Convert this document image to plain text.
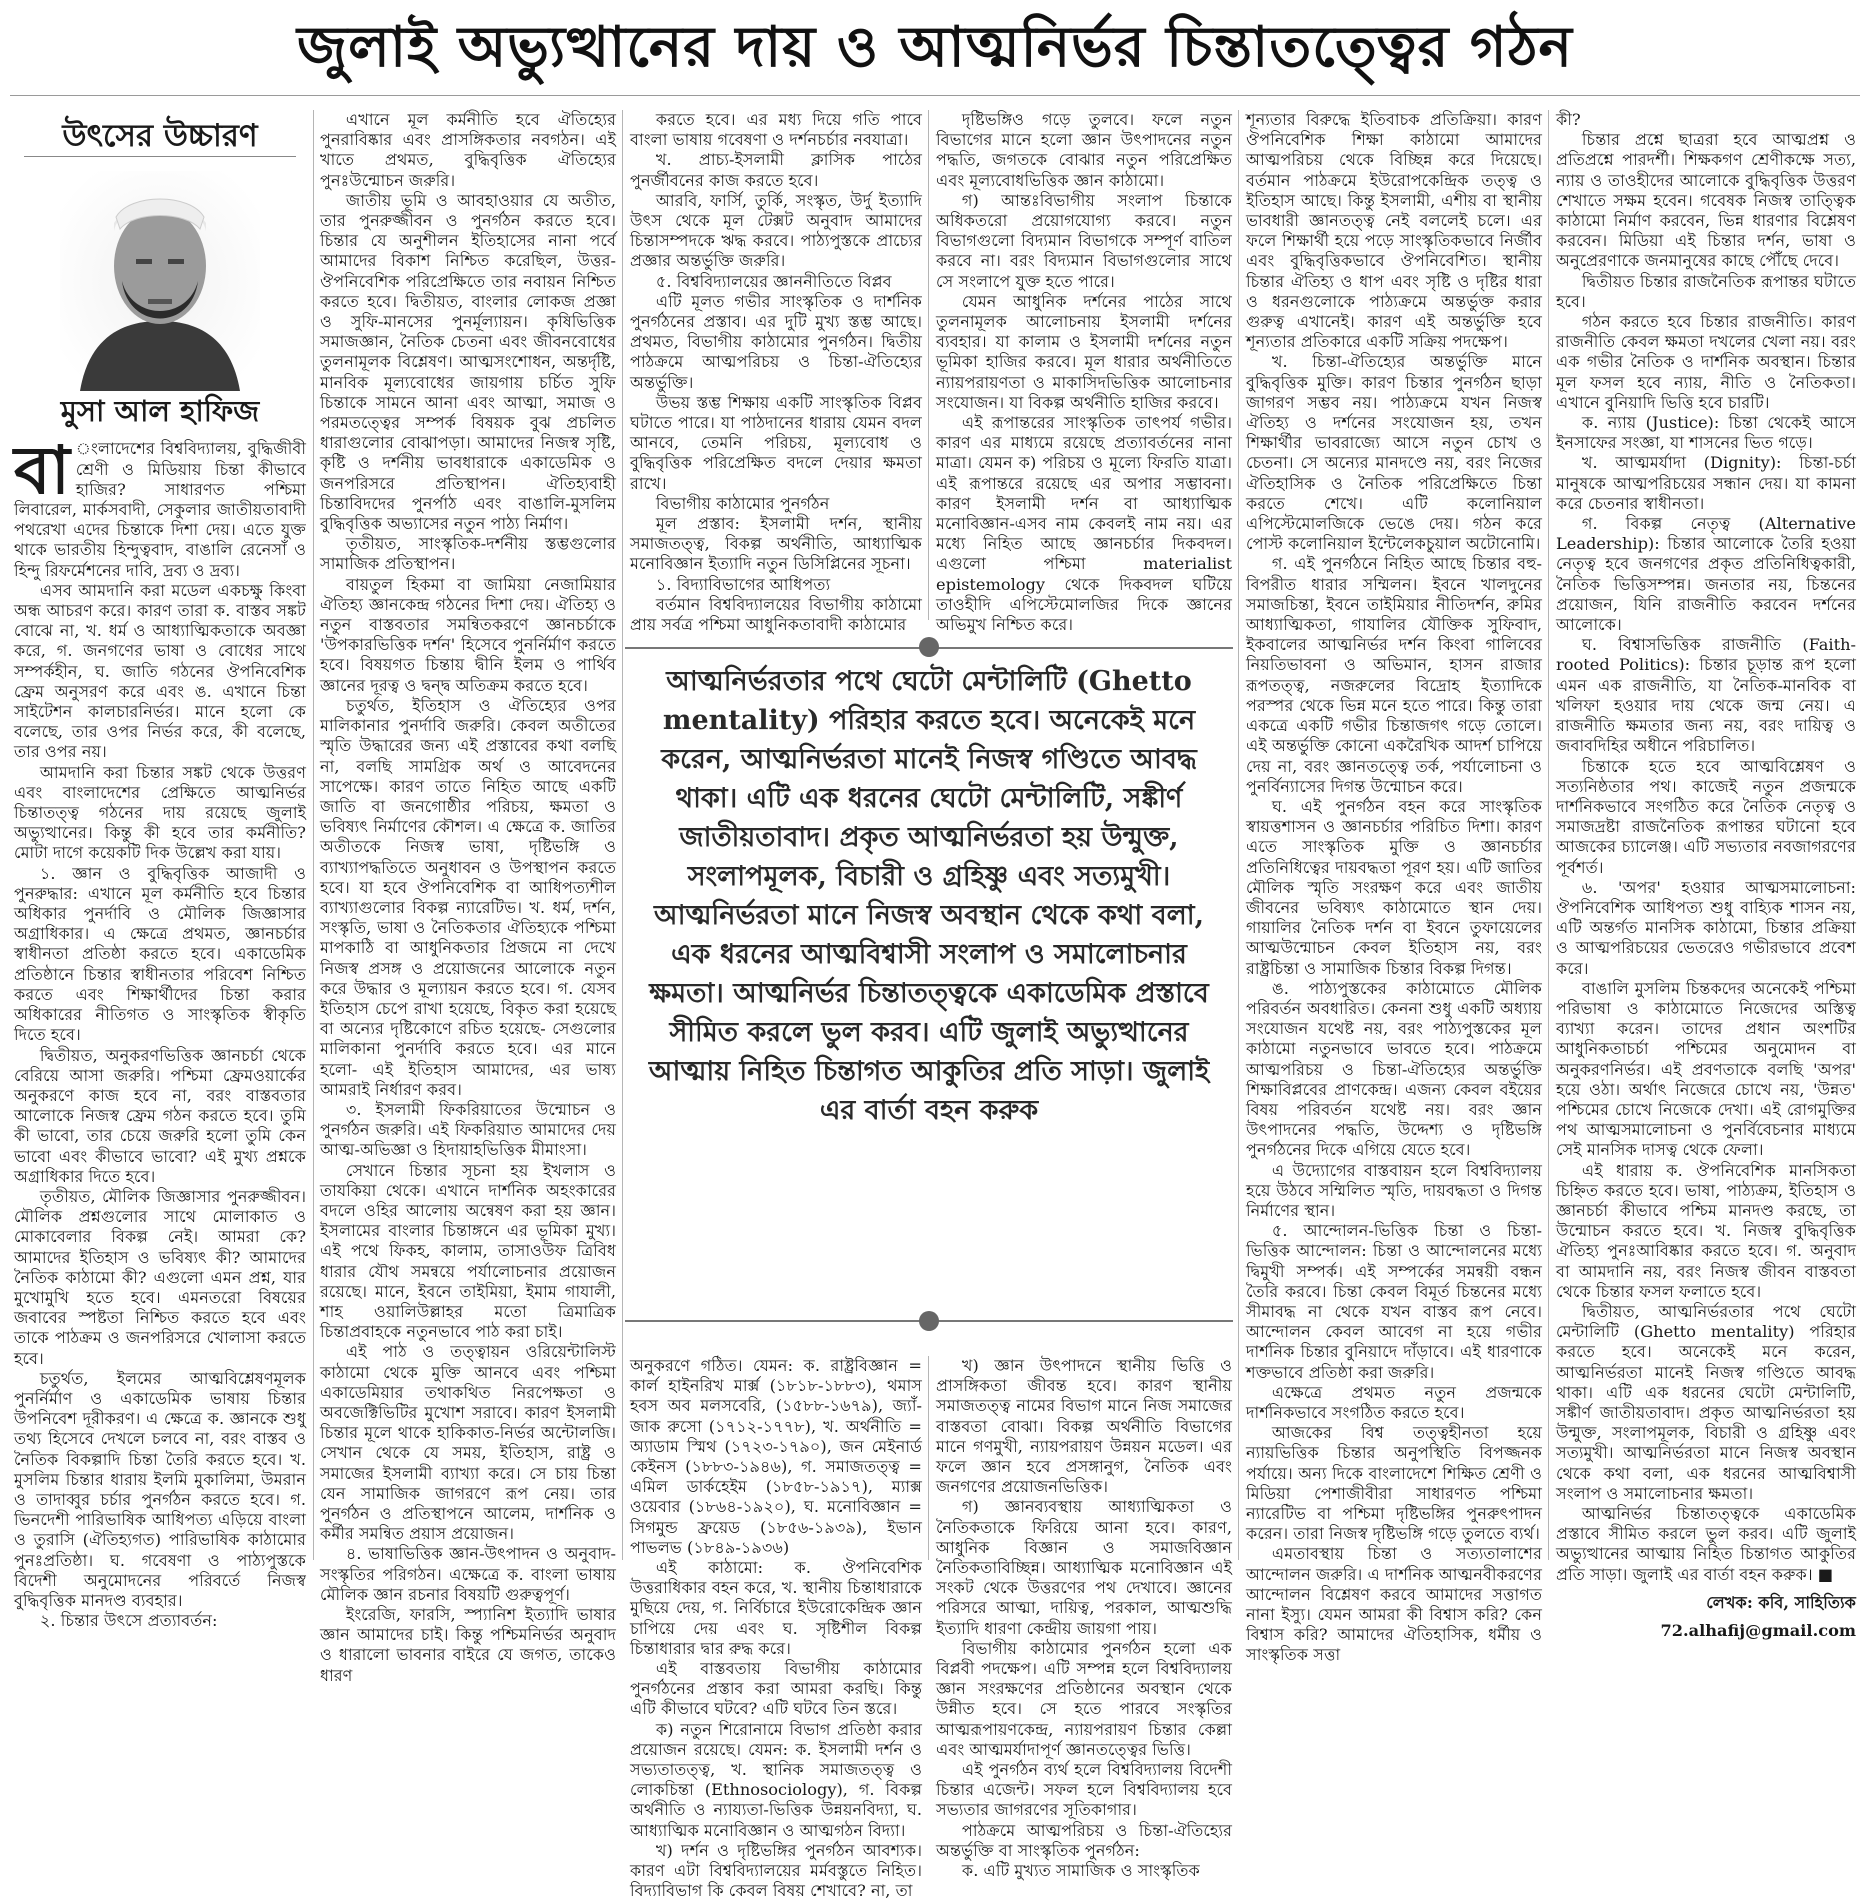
জুলাই অভ্যুত্থানের দায় ও আত্মনির্ভর চিন্তাতত্ত্বের গঠন
উৎসের উচ্চারণ
মুসা আল হাফিজ

বা ংলাদেশের বিশ্ববিদ্যালয়, বুদ্ধিজীবী শ্রেণী ও মিডিয়ায় চিন্তা কীভাবে হাজির? সাধারণত পশ্চিমা লিবারেল, মার্কসবাদী, সেকুলার জাতীয়তাবাদী পথরেখা এদের চিন্তাকে দিশা দেয়। এতে যুক্ত থাকে ভারতীয় হিন্দুত্ববাদ, বাঙালি রেনেসাঁ ও হিন্দু রিফর্মেশনের দাবি, দ্রব্য ও দ্রব্য।

এসব আমদানি করা মডেল একচক্ষু কিংবা অন্ধ আচরণ করে। কারণ তারা ক. বাস্তব সঙ্কট বোঝে না, খ. ধর্ম ও আধ্যাত্মিকতাকে অবজ্ঞা করে, গ. জনগণের ভাষা ও বোধের সাথে সম্পর্কহীন, ঘ. জাতি গঠনের ঔপনিবেশিক ফ্রেম অনুসরণ করে এবং ঙ. এখানে চিন্তা সাইটেশন কালচারনির্ভর। মানে হলো কে বলেছে, তার ওপর নির্ভর করে, কী বলেছে, তার ওপর নয়।

আমদানি করা চিন্তার সঙ্কট থেকে উত্তরণ এবং বাংলাদেশের প্রেক্ষিতে আত্মনির্ভর চিন্তাতত্ত্ব গঠনের দায় রয়েছে জুলাই অভ্যুত্থানের। কিন্তু কী হবে তার কর্মনীতি? মোটা দাগে কয়েকটি দিক উল্লেখ করা যায়।

১. জ্ঞান ও বুদ্ধিবৃত্তিক আজাদী ও পুনরুদ্ধার: এখানে মূল কর্মনীতি হবে চিন্তার অধিকার পুনর্দাবি ও মৌলিক জিজ্ঞাসার অগ্রাধিকার। এ ক্ষেত্রে প্রথমত, জ্ঞানচর্চার স্বাধীনতা প্রতিষ্ঠা করতে হবে। একাডেমিক প্রতিষ্ঠানে চিন্তার স্বাধীনতার পরিবেশ নিশ্চিত করতে এবং শিক্ষার্থীদের চিন্তা করার অধিকারের নীতিগত ও সাংস্কৃতিক স্বীকৃতি দিতে হবে।

দ্বিতীয়ত, অনুকরণভিত্তিক জ্ঞানচর্চা থেকে বেরিয়ে আসা জরুরি। পশ্চিমা ফ্রেমওয়ার্কের অনুকরণে কাজ হবে না, বরং বাস্তবতার আলোকে নিজস্ব ফ্রেম গঠন করতে হবে। তুমি কী ভাবো, তার চেয়ে জরুরি হলো তুমি কেন ভাবো এবং কীভাবে ভাবো? এই মুখ্য প্রশ্নকে অগ্রাধিকার দিতে হবে।

তৃতীয়ত, মৌলিক জিজ্ঞাসার পুনরুজ্জীবন। মৌলিক প্রশ্নগুলোর সাথে মোলাকাত ও মোকাবেলার বিকল্প নেই। আমরা কে? আমাদের ইতিহাস ও ভবিষ্যৎ কী? আমাদের নৈতিক কাঠামো কী? এগুলো এমন প্রশ্ন, যার মুখোমুখি হতে হবে। এমনতরো বিষয়ের জবাবের স্পষ্টতা নিশ্চিত করতে হবে এবং তাকে পাঠক্রম ও জনপরিসরে খোলাসা করতে হবে।

চতুর্থত, ইলমের আত্মবিশ্লেষণমূলক পুনর্নির্মাণ ও একাডেমিক ভাষায় চিন্তার উপনিবেশ দূরীকরণ। এ ক্ষেত্রে ক. জ্ঞানকে শুধু তথ্য হিসেবে দেখলে চলবে না, বরং বাস্তব ও নৈতিক বিকল্পাদি চিন্তা তৈরি করতে হবে। খ. মুসলিম চিন্তার ধারায় ইলমি মুকালিমা, উমরান ও তাদাব্বুর চর্চার পুনর্গঠন করতে হবে। গ. ভিনদেশী পারিভাষিক আধিপত্য এড়িয়ে বাংলা ও তুরাসি (ঐতিহ্যগত) পারিভাষিক কাঠামোর পুনঃপ্রতিষ্ঠা। ঘ. গবেষণা ও পাঠ্যপুস্তকে বিদেশী অনুমোদনের পরিবর্তে নিজস্ব বুদ্ধিবৃত্তিক মানদণ্ড ব্যবহার।

২. চিন্তার উৎসে প্রত্যাবর্তন:

এখানে মূল কর্মনীতি হবে ঐতিহ্যের পুনরাবিষ্কার এবং প্রাসঙ্গিকতার নবগঠন। এই খাতে প্রথমত, বুদ্ধিবৃত্তিক ঐতিহ্যের পুনঃউন্মোচন জরুরি।

জাতীয় ভূমি ও আবহাওয়ার যে অতীত, তার পুনরুজ্জীবন ও পুনর্গঠন করতে হবে। চিন্তার যে অনুশীলন ইতিহাসের নানা পর্বে আমাদের বিকাশ নিশ্চিত করেছিল, উত্তর-ঔপনিবেশিক পরিপ্রেক্ষিতে তার নবায়ন নিশ্চিত করতে হবে। দ্বিতীয়ত, বাংলার লোকজ প্রজ্ঞা ও সুফি-মানসের পুনর্মূল্যায়ন। কৃষিভিত্তিক সমাজজ্ঞান, নৈতিক চেতনা এবং জীবনবোধের তুলনামূলক বিশ্লেষণ। আত্মসংশোধন, অন্তর্দৃষ্টি, মানবিক মূল্যবোধের জায়গায় চর্চিত সুফি চিন্তাকে সামনে আনা এবং আত্মা, সমাজ ও পরমতত্ত্বের সম্পর্ক বিষয়ক বুঝ প্রচলিত ধারাগুলোর বোঝাপড়া। আমাদের নিজস্ব সৃষ্টি, কৃষ্টি ও দর্শনীয় ভাবধারাকে একাডেমিক ও জনপরিসরে প্রতিস্থাপন। ঐতিহ্যবাহী চিন্তাবিদদের পুনর্পাঠ এবং বাঙালি-মুসলিম বুদ্ধিবৃত্তিক অভ্যাসের নতুন পাঠ্য নির্মাণ।

তৃতীয়ত, সাংস্কৃতিক-দর্শনীয় স্তম্ভগুলোর সামাজিক প্রতিস্থাপন।

বায়তুল হিকমা বা জামিয়া নেজামিয়ার ঐতিহ্য জ্ঞানকেন্দ্র গঠনের দিশা দেয়। ঐতিহ্য ও নতুন বাস্তবতার সমন্বিতকরণে জ্ঞানচর্চাকে 'উপকারভিত্তিক দর্শন' হিসেবে পুনর্নির্মাণ করতে হবে। বিষয়গত চিন্তায় দ্বীনি ইলম ও পার্থিব জ্ঞানের দূরত্ব ও দ্বন্দ্ব অতিক্রম করতে হবে।

চতুর্থত, ইতিহাস ও ঐতিহ্যের ওপর মালিকানার পুনর্দাবি জরুরি। কেবল অতীতের স্মৃতি উদ্ধারের জন্য এই প্রস্তাবের কথা বলছি না, বলছি সামগ্রিক অর্থ ও আবেদনের সাপেক্ষে। কারণ তাতে নিহিত আছে একটি জাতি বা জনগোষ্ঠীর পরিচয়, ক্ষমতা ও ভবিষ্যৎ নির্মাণের কৌশল। এ ক্ষেত্রে ক. জাতির অতীতকে নিজস্ব ভাষা, দৃষ্টিভঙ্গি ও ব্যাখ্যাপদ্ধতিতে অনুধাবন ও উপস্থাপন করতে হবে। যা হবে ঔপনিবেশিক বা আধিপত্যশীল ব্যাখ্যাগুলোর বিকল্প ন্যারেটিভ। খ. ধর্ম, দর্শন, সংস্কৃতি, ভাষা ও নৈতিকতার ঐতিহ্যকে পশ্চিমা মাপকাঠি বা আধুনিকতার প্রিজমে না দেখে নিজস্ব প্রসঙ্গ ও প্রয়োজনের আলোকে নতুন করে উদ্ধার ও মূল্যায়ন করতে হবে। গ. যেসব ইতিহাস চেপে রাখা হয়েছে, বিকৃত করা হয়েছে বা অন্যের দৃষ্টিকোণে রচিত হয়েছে- সেগুলোর মালিকানা পুনর্দাবি করতে হবে। এর মানে হলো- এই ইতিহাস আমাদের, এর ভাষ্য আমরাই নির্ধারণ করব।

৩. ইসলামী ফিকরিয়াতের উন্মোচন ও পুনর্গঠন জরুরি। এই ফিকরিয়াত আমাদের দেয় আত্ম-অভিজ্ঞা ও হিদায়াহভিত্তিক মীমাংসা।

সেখানে চিন্তার সূচনা হয় ইখলাস ও তাযকিয়া থেকে। এখানে দার্শনিক অহংকারের বদলে ওহির আলোয় অন্বেষণ করা হয় জ্ঞান। ইসলামের বাংলার চিন্তাঙ্গনে এর ভূমিকা মুখ্য। এই পথে ফিকহ, কালাম, তাসাওউফ ত্রিবিধ ধারার যৌথ সমন্বয়ে পর্যালোচনার প্রয়োজন রয়েছে। মানে, ইবনে তাইমিয়া, ইমাম গাযালী, শাহ ওয়ালিউল্লাহর মতো ত্রিমাত্রিক চিন্তাপ্রবাহকে নতুনভাবে পাঠ করা চাই।

এই পাঠ ও তত্ত্বায়ন ওরিয়েন্টালিস্ট কাঠামো থেকে মুক্তি আনবে এবং পশ্চিমা একাডেমিয়ার তথাকথিত নিরপেক্ষতা ও অবজেক্টিভিটির মুখোশ সরাবে। কারণ ইসলামী চিন্তার মূলে থাকে হাকিকাত-নির্ভর অন্টোলজি। সেখান থেকে যে সময়, ইতিহাস, রাষ্ট্র ও সমাজের ইসলামী ব্যাখ্যা করে। সে চায় চিন্তা যেন সামাজিক জাগরণে রূপ নেয়। তার পুনর্গঠন ও প্রতিস্থাপনে আলেম, দার্শনিক ও কর্মীর সমন্বিত প্রয়াস প্রয়োজন।

৪. ভাষাভিত্তিক জ্ঞান-উৎপাদন ও অনুবাদ-সংস্কৃতির পরিগঠন। এক্ষেত্রে ক. বাংলা ভাষায় মৌলিক জ্ঞান রচনার বিষয়টি গুরুত্বপূর্ণ।

ইংরেজি, ফারসি, স্প্যানিশ ইত্যাদি ভাষার জ্ঞান আমাদের চাই। কিন্তু পশ্চিমনির্ভর অনুবাদ ও ধারালো ভাবনার বাইরে যে জগত, তাকেও ধারণ

করতে হবে। এর মধ্য দিয়ে গতি পাবে বাংলা ভাষায় গবেষণা ও দর্শনচর্চার নবযাত্রা।

খ. প্রাচ্য-ইসলামী ক্লাসিক পাঠের পুনর্জীবনের কাজ করতে হবে।

আরবি, ফার্সি, তুর্কি, সংস্কৃত, উর্দু ইত্যাদি উৎস থেকে মূল টেক্সট অনুবাদ আমাদের চিন্তাসম্পদকে ঋদ্ধ করবে। পাঠ্যপুস্তকে প্রাচ্যের প্রজ্ঞার অন্তর্ভুক্তি জরুরি।

৫. বিশ্ববিদ্যালয়ের জ্ঞাননীতিতে বিপ্লব

এটি মূলত গভীর সাংস্কৃতিক ও দার্শনিক পুনর্গঠনের প্রস্তাব। এর দুটি মুখ্য স্তম্ভ আছে। প্রথমত, বিভাগীয় কাঠামোর পুনর্গঠন। দ্বিতীয় পাঠক্রমে আত্মপরিচয় ও চিন্তা-ঐতিহ্যের অন্তর্ভুক্তি।

উভয় স্তম্ভ শিক্ষায় একটি সাংস্কৃতিক বিপ্লব ঘটাতে পারে। যা পাঠদানের ধারায় যেমন বদল আনবে, তেমনি পরিচয়, মূল্যবোধ ও বুদ্ধিবৃত্তিক পরিপ্রেক্ষিত বদলে দেয়ার ক্ষমতা রাখে।

বিভাগীয় কাঠামোর পুনর্গঠন

মূল প্রস্তাব: ইসলামী দর্শন, স্থানীয় সমাজতত্ত্ব, বিকল্প অর্থনীতি, আধ্যাত্মিক মনোবিজ্ঞান ইত্যাদি নতুন ডিসিপ্লিনের সূচনা।

১. বিদ্যাবিভাগের আধিপত্য

বর্তমান বিশ্ববিদ্যালয়ের বিভাগীয় কাঠামো প্রায় সর্বত্র পশ্চিমা আধুনিকতাবাদী কাঠামোর

দৃষ্টিভঙ্গিও গড়ে তুলবে। ফলে নতুন বিভাগের মানে হলো জ্ঞান উৎপাদনের নতুন পদ্ধতি, জগতকে বোঝার নতুন পরিপ্রেক্ষিত এবং মূল্যবোধভিত্তিক জ্ঞান কাঠামো।

গ) আন্তঃবিভাগীয় সংলাপ চিন্তাকে অধিকতরো প্রয়োগযোগ্য করবে। নতুন বিভাগগুলো বিদ্যমান বিভাগকে সম্পূর্ণ বাতিল করবে না। বরং বিদ্যমান বিভাগগুলোর সাথে সে সংলাপে যুক্ত হতে পারে।

যেমন আধুনিক দর্শনের পাঠের সাথে তুলনামূলক আলোচনায় ইসলামী দর্শনের ব্যবহার। যা কালাম ও ইসলামী দর্শনের নতুন ভূমিকা হাজির করবে। মূল ধারার অর্থনীতিতে ন্যায়পরায়ণতা ও মাকাসিদভিত্তিক আলোচনার সংযোজন। যা বিকল্প অর্থনীতি হাজির করবে।

এই রূপান্তরের সাংস্কৃতিক তাৎপর্য গভীর। কারণ এর মাধ্যমে রয়েছে প্রত্যাবর্তনের নানা মাত্রা। যেমন ক) পরিচয় ও মূল্যে ফিরতি যাত্রা। এই রূপান্তরে রয়েছে এর অপার সম্ভাবনা। কারণ ইসলামী দর্শন বা আধ্যাত্মিক মনোবিজ্ঞান-এসব নাম কেবলই নাম নয়। এর মধ্যে নিহিত আছে জ্ঞানচর্চার দিকবদল। এগুলো পশ্চিমা materialist epistemology থেকে দিকবদল ঘটিয়ে তাওহীদি এপিস্টেমোলজির দিকে জ্ঞানের অভিমুখ নিশ্চিত করে।

আত্মনির্ভরতার পথে ঘেটো মেন্টালিটি (Ghetto mentality) পরিহার করতে হবে। অনেকেই মনে করেন, আত্মনির্ভরতা মানেই নিজস্ব গণ্ডিতে আবদ্ধ থাকা। এটি এক ধরনের ঘেটো মেন্টালিটি, সঙ্কীর্ণ জাতীয়তাবাদ। প্রকৃত আত্মনির্ভরতা হয় উন্মুক্ত, সংলাপমূলক, বিচারী ও গ্রহিষ্ণু এবং সত্যমুখী। আত্মনির্ভরতা মানে নিজস্ব অবস্থান থেকে কথা বলা, এক ধরনের আত্মবিশ্বাসী সংলাপ ও সমালোচনার ক্ষমতা। আত্মনির্ভর চিন্তাতত্ত্বকে একাডেমিক প্রস্তাবে সীমিত করলে ভুল করব। এটি জুলাই অভ্যুত্থানের আত্মায় নিহিত চিন্তাগত আকুতির প্রতি সাড়া। জুলাই এর বার্তা বহন করুক

অনুকরণে গঠিত। যেমন: ক. রাষ্ট্রবিজ্ঞান = কার্ল হাইনরিখ মার্ক্স (১৮১৮-১৮৮৩), থমাস হবস অব মলসবেরি, (১৫৮৮-১৬৭৯), জ্যাঁ-জাক রুসো (১৭১২-১৭৭৮), খ. অর্থনীতি = অ্যাডাম স্মিথ (১৭২৩-১৭৯০), জন মেইনার্ড কেইনস (১৮৮৩-১৯৪৬), গ. সমাজতত্ত্ব = এমিল ডার্কহেইম (১৮৫৮-১৯১৭), ম্যাক্স ওয়েবার (১৮৬৪-১৯২০), ঘ. মনোবিজ্ঞান = সিগমুন্ড ফ্রয়েড (১৮৫৬-১৯৩৯), ইভান পাভলভ (১৮৪৯-১৯৩৬)

এই কাঠামো: ক. ঔপনিবেশিক উত্তরাধিকার বহন করে, খ. স্থানীয় চিন্তাধারাকে মুছিয়ে দেয়, গ. নির্বিচারে ইউরোকেন্দ্রিক জ্ঞান চাপিয়ে দেয় এবং ঘ. সৃষ্টিশীল বিকল্প চিন্তাধারার দ্বার রুদ্ধ করে।

এই বাস্তবতায় বিভাগীয় কাঠামোর পুনর্গঠনের প্রস্তাব করা আমরা করছি। কিন্তু এটি কীভাবে ঘটবে? এটি ঘটবে তিন স্তরে।

ক) নতুন শিরোনামে বিভাগ প্রতিষ্ঠা করার প্রয়োজন রয়েছে। যেমন: ক. ইসলামী দর্শন ও সভ্যতাতত্ত্ব, খ. স্থানিক সমাজতত্ত্ব ও লোকচিন্তা (Ethnosociology), গ. বিকল্প অর্থনীতি ও ন্যায্যতা-ভিত্তিক উন্নয়নবিদ্যা, ঘ. আধ্যাত্মিক মনোবিজ্ঞান ও আত্মগঠন বিদ্যা।

খ) দর্শন ও দৃষ্টিভঙ্গির পুনর্গঠন আবশ্যক। কারণ এটা বিশ্ববিদ্যালয়ের মর্মবস্তুতে নিহিত। বিদ্যাবিভাগ কি কেবল বিষয় শেখাবে? না, তা

খ) জ্ঞান উৎপাদনে স্থানীয় ভিত্তি ও প্রাসঙ্গিকতা জীবন্ত হবে। কারণ স্থানীয় সমাজতত্ত্ব নামের বিভাগ মানে নিজ সমাজের বাস্তবতা বোঝা। বিকল্প অর্থনীতি বিভাগের মানে গণমুখী, ন্যায়পরায়ণ উন্নয়ন মডেল। এর ফলে জ্ঞান হবে প্রসঙ্গানুগ, নৈতিক এবং জনগণের প্রয়োজনভিত্তিক।

গ) জ্ঞানব্যবস্থায় আধ্যাত্মিকতা ও নৈতিকতাকে ফিরিয়ে আনা হবে। কারণ, আধুনিক বিজ্ঞান ও সমাজবিজ্ঞান নৈতিকতাবিচ্ছিন্ন। আধ্যাত্মিক মনোবিজ্ঞান এই সংকট থেকে উত্তরণের পথ দেখাবে। জ্ঞানের পরিসরে আত্মা, দায়িত্ব, পরকাল, আত্মশুদ্ধি ইত্যাদি ধারণা কেন্দ্রীয় জায়গা পায়।

বিভাগীয় কাঠামোর পুনর্গঠন হলো এক বিপ্লবী পদক্ষেপ। এটি সম্পন্ন হলে বিশ্ববিদ্যালয় জ্ঞান সংরক্ষণের প্রতিষ্ঠানের অবস্থান থেকে উন্নীত হবে। সে হতে পারবে সংস্কৃতির আত্মরূপায়ণকেন্দ্র, ন্যায়পরায়ণ চিন্তার কেল্লা এবং আত্মমর্যাদাপূর্ণ জ্ঞানতত্ত্বের ভিত্তি।

এই পুনর্গঠন ব্যর্থ হলে বিশ্ববিদ্যালয় বিদেশী চিন্তার এজেন্ট। সফল হলে বিশ্ববিদ্যালয় হবে সভ্যতার জাগরণের সূতিকাগার।

পাঠক্রমে আত্মপরিচয় ও চিন্তা-ঐতিহ্যের অন্তর্ভুক্তি বা সাংস্কৃতিক পুনর্গঠন:

ক. এটি মুখ্যত সামাজিক ও সাংস্কৃতিক

শূন্যতার বিরুদ্ধে ইতিবাচক প্রতিক্রিয়া। কারণ ঔপনিবেশিক শিক্ষা কাঠামো আমাদের আত্মপরিচয় থেকে বিচ্ছিন্ন করে দিয়েছে। বর্তমান পাঠক্রমে ইউরোপকেন্দ্রিক তত্ত্ব ও ইতিহাস আছে। কিন্তু ইসলামী, এশীয় বা স্থানীয় ভাবধারী জ্ঞানতত্ত্ব নেই বললেই চলে। এর ফলে শিক্ষার্থী হয়ে পড়ে সাংস্কৃতিকভাবে নির্জীব এবং বুদ্ধিবৃত্তিকভাবে ঔপনিবেশিত। স্থানীয় চিন্তার ঐতিহ্য ও ধাপ এবং সৃষ্টি ও দৃষ্টির ধারা ও ধরনগুলোকে পাঠ্যক্রমে অন্তর্ভুক্ত করার গুরুত্ব এখানেই। কারণ এই অন্তর্ভুক্তি হবে শূন্যতার প্রতিকারে একটি সক্রিয় পদক্ষেপ।

খ. চিন্তা-ঐতিহ্যের অন্তর্ভুক্তি মানে বুদ্ধিবৃত্তিক মুক্তি। কারণ চিন্তার পুনর্গঠন ছাড়া জাগরণ সম্ভব নয়। পাঠ্যক্রমে যখন নিজস্ব ঐতিহ্য ও দর্শনের সংযোজন হয়, তখন শিক্ষার্থীর ভাবরাজ্যে আসে নতুন চোখ ও চেতনা। সে অন্যের মানদণ্ডে নয়, বরং নিজের ঐতিহাসিক ও নৈতিক পরিপ্রেক্ষিতে চিন্তা করতে শেখে। এটি কলোনিয়াল এপিস্টেমোলজিকে ভেঙে দেয়। গঠন করে পোস্ট কলোনিয়াল ইন্টেলেকচুয়াল অটোনোমি।

গ. এই পুনর্গঠনে নিহিত আছে চিন্তার বহু-বিপরীত ধারার সম্মিলন। ইবনে খালদুনের সমাজচিন্তা, ইবনে তাইমিয়ার নীতিদর্শন, রুমির আধ্যাত্মিকতা, গাযালির যৌক্তিক সুফিবাদ, ইকবালের আত্মনির্ভর দর্শন কিংবা গালিবের নিয়তিভাবনা ও অভিমান, হাসন রাজার রূপতত্ত্ব, নজরুলের বিদ্রোহ ইত্যাদিকে পরস্পর থেকে ভিন্ন মনে হতে পারে। কিন্তু তারা একত্রে একটি গভীর চিন্তাজগৎ গড়ে তোলে। এই অন্তর্ভুক্তি কোনো একরৈখিক আদর্শ চাপিয়ে দেয় না, বরং জ্ঞানতত্ত্বে তর্ক, পর্যালোচনা ও পুনর্বিন্যাসের দিগন্ত উন্মোচন করে।

ঘ. এই পুনর্গঠন বহন করে সাংস্কৃতিক স্বায়ত্তশাসন ও জ্ঞানচর্চার পরিচিত দিশা। কারণ এতে সাংস্কৃতিক মুক্তি ও জ্ঞানচর্চার প্রতিনিধিত্বের দায়বদ্ধতা পূরণ হয়। এটি জাতির মৌলিক স্মৃতি সংরক্ষণ করে এবং জাতীয় জীবনের ভবিষ্যৎ কাঠামোতে স্থান দেয়। গায়ালির নৈতিক দর্শন বা ইবনে তুফায়েলের আত্মউন্মোচন কেবল ইতিহাস নয়, বরং রাষ্ট্রচিন্তা ও সামাজিক চিন্তার বিকল্প দিগন্ত।

ঙ. পাঠ্যপুস্তকের কাঠামোতে মৌলিক পরিবর্তন অবধারিত। কেননা শুধু একটি অধ্যায় সংযোজন যথেষ্ট নয়, বরং পাঠ্যপুস্তকের মূল কাঠামো নতুনভাবে ভাবতে হবে। পাঠক্রমে আত্মপরিচয় ও চিন্তা-ঐতিহ্যের অন্তর্ভুক্তি শিক্ষাবিপ্লবের প্রাণকেন্দ্র। এজন্য কেবল বইয়ের বিষয় পরিবর্তন যথেষ্ট নয়। বরং জ্ঞান উৎপাদনের পদ্ধতি, উদ্দেশ্য ও দৃষ্টিভঙ্গি পুনর্গঠনের দিকে এগিয়ে যেতে হবে।

এ উদ্যোগের বাস্তবায়ন হলে বিশ্ববিদ্যালয় হয়ে উঠবে সম্মিলিত স্মৃতি, দায়বদ্ধতা ও দিগন্ত নির্মাণের স্থান।

৫. আন্দোলন-ভিত্তিক চিন্তা ও চিন্তা-ভিত্তিক আন্দোলন: চিন্তা ও আন্দোলনের মধ্যে দ্বিমুখী সম্পর্ক। এই সম্পর্কের সমন্বয়ী বন্ধন তৈরি করবে। চিন্তা কেবল বিমূর্ত চিন্তনের মধ্যে সীমাবদ্ধ না থেকে যখন বাস্তব রূপ নেবে। আন্দোলন কেবল আবেগ না হয়ে গভীর দার্শনিক চিন্তার বুনিয়াদে দাঁড়াবে। এই ধারণাকে শক্তভাবে প্রতিষ্ঠা করা জরুরি।

এক্ষেত্রে প্রথমত নতুন প্রজন্মকে দার্শনিকভাবে সংগঠিত করতে হবে।

আজকের বিশ্ব তত্ত্বহীনতা হয়ে ন্যায়ভিত্তিক চিন্তার অনুপস্থিতি বিপজ্জনক পর্যায়ে। অন্য দিকে বাংলাদেশে শিক্ষিত শ্রেণী ও মিডিয়া পেশাজীবীরা সাধারণত পশ্চিমা ন্যারেটিভ বা পশ্চিমা দৃষ্টিভঙ্গির পুনরুৎপাদন করেন। তারা নিজস্ব দৃষ্টিভঙ্গি গড়ে তুলতে ব্যর্থ।

এমতাবস্থায় চিন্তা ও সত্যতালাশের আন্দোলন জরুরি। এ দার্শনিক আত্মনবীকরণের আন্দোলন বিশ্লেষণ করবে আমাদের সত্তাগত নানা ইস্যু। যেমন আমরা কী বিশ্বাস করি? কেন বিশ্বাস করি? আমাদের ঐতিহাসিক, ধর্মীয় ও সাংস্কৃতিক সত্তা

কী?

চিন্তার প্রশ্নে ছাত্ররা হবে আত্মপ্রশ্ন ও প্রতিপ্রশ্নে পারদর্শী। শিক্ষকগণ শ্রেণীকক্ষে সত্য, ন্যায় ও তাওহীদের আলোকে বুদ্ধিবৃত্তিক উত্তরণ শেখাতে সক্ষম হবেন। গবেষক নিজস্ব তাত্ত্বিক কাঠামো নির্মাণ করবেন, ভিন্ন ধারণার বিশ্লেষণ করবেন। মিডিয়া এই চিন্তার দর্শন, ভাষা ও অনুপ্রেরণাকে জনমানুষের কাছে পৌঁছে দেবে।

দ্বিতীয়ত চিন্তার রাজনৈতিক রূপান্তর ঘটাতে হবে।

গঠন করতে হবে চিন্তার রাজনীতি। কারণ রাজনীতি কেবল ক্ষমতা দখলের খেলা নয়। বরং এক গভীর নৈতিক ও দার্শনিক অবস্থান। চিন্তার মূল ফসল হবে ন্যায়, নীতি ও নৈতিকতা। এখানে বুনিয়াদি ভিত্তি হবে চারটি।

ক. ন্যায় (Justice): চিন্তা থেকেই আসে ইনসাফের সংজ্ঞা, যা শাসনের ভিত গড়ে।

খ. আত্মমর্যাদা (Dignity): চিন্তা-চর্চা মানুষকে আত্মপরিচয়ের সন্ধান দেয়। যা কামনা করে চেতনার স্বাধীনতা।

গ. বিকল্প নেতৃত্ব (Alternative Leadership): চিন্তার আলোকে তৈরি হওয়া নেতৃত্ব হবে জনগণের প্রকৃত প্রতিনিধিত্বকারী, নৈতিক ভিত্তিসম্পন্ন। জনতার নয়, চিন্তনের প্রয়োজন, যিনি রাজনীতি করবেন দর্শনের আলোকে।

ঘ. বিশ্বাসভিত্তিক রাজনীতি (Faith-rooted Politics): চিন্তার চূড়ান্ত রূপ হলো এমন এক রাজনীতি, যা নৈতিক-মানবিক বা খলিফা হওয়ার দায় থেকে জন্ম নেয়। এ রাজনীতি ক্ষমতার জন্য নয়, বরং দায়িত্ব ও জবাবদিহির অধীনে পরিচালিত।

চিন্তাকে হতে হবে আত্মবিশ্লেষণ ও সত্যনিষ্ঠতার পথ। কাজেই নতুন প্রজন্মকে দার্শনিকভাবে সংগঠিত করে নৈতিক নেতৃত্ব ও সমাজদ্রষ্টা রাজনৈতিক রূপান্তর ঘটানো হবে আজকের চ্যালেঞ্জ। এটি সভ্যতার নবজাগরণের পূর্বশর্ত।

৬. 'অপর' হওয়ার আত্মসমালোচনা: ঔপনিবেশিক আধিপত্য শুধু বাহ্যিক শাসন নয়, এটি অন্তর্গত মানসিক কাঠামো, চিন্তার প্রক্রিয়া ও আত্মপরিচয়ের ভেতরেও গভীরভাবে প্রবেশ করে।

বাঙালি মুসলিম চিন্তকদের অনেকেই পশ্চিমা পরিভাষা ও কাঠামোতে নিজেদের অস্তিত্ব ব্যাখ্যা করেন। তাদের প্রধান অংশটির আধুনিকতাচর্চা পশ্চিমের অনুমোদন বা অনুকরণনির্ভর। এই প্রবণতাকে বলছি 'অপর' হয়ে ওঠা। অর্থাৎ নিজেরে চোখে নয়, 'উন্নত' পশ্চিমের চোখে নিজেকে দেখা। এই রোগমুক্তির পথ আত্মসমালোচনা ও পুনর্বিবেচনার মাধ্যমে সেই মানসিক দাসত্ব থেকে ফেলা।

এই ধারায় ক. ঔপনিবেশিক মানসিকতা চিহ্নিত করতে হবে। ভাষা, পাঠ্যক্রম, ইতিহাস ও জ্ঞানচর্চা কীভাবে পশ্চিম মানদণ্ড করছে, তা উন্মোচন করতে হবে। খ. নিজস্ব বুদ্ধিবৃত্তিক ঐতিহ্য পুনঃআবিষ্কার করতে হবে। গ. অনুবাদ বা আমদানি নয়, বরং নিজস্ব জীবন বাস্তবতা থেকে চিন্তার ফসল ফলাতে হবে।

দ্বিতীয়ত, আত্মনির্ভরতার পথে ঘেটো মেন্টালিটি (Ghetto mentality) পরিহার করতে হবে। অনেকেই মনে করেন, আত্মনির্ভরতা মানেই নিজস্ব গণ্ডিতে আবদ্ধ থাকা। এটি এক ধরনের ঘেটো মেন্টালিটি, সঙ্কীর্ণ জাতীয়তাবাদ। প্রকৃত আত্মনির্ভরতা হয় উন্মুক্ত, সংলাপমূলক, বিচারী ও গ্রহিষ্ণু এবং সত্যমুখী। আত্মনির্ভরতা মানে নিজস্ব অবস্থান থেকে কথা বলা, এক ধরনের আত্মবিশ্বাসী সংলাপ ও সমালোচনার ক্ষমতা।

আত্মনির্ভর চিন্তাতত্ত্বকে একাডেমিক প্রস্তাবে সীমিত করলে ভুল করব। এটি জুলাই অভ্যুত্থানের আত্মায় নিহিত চিন্তাগত আকুতির প্রতি সাড়া। জুলাই এর বার্তা বহন করুক। ■

লেখক: কবি, সাহিত্যিক
72.alhafij@gmail.com
